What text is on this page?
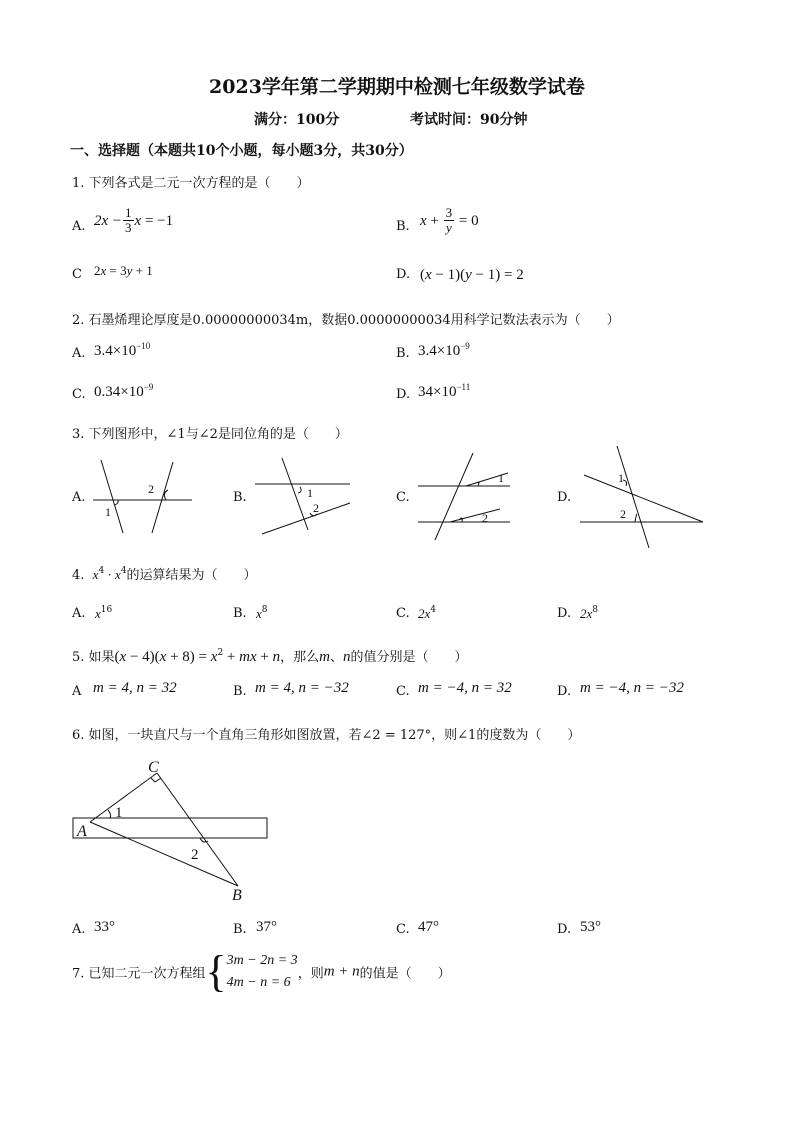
2023学年第二学期期中检测七年级数学试卷
满分：100分	考试时间：90分钟
一、选择题（本题共10个小题，每小题3分，共30分）
1. 下列各式是二元一次方程的是（　　）
A. $2x - \frac{1}{3}$ x = −1	B. $x + \frac{3}{y} = 0$
C 2x = 3y + 1	D. (x − 1)(y − 1) = 2
2. 石墨烯理论厚度是0.00000000034m，数据0.00000000034用科学记数法表示为（　　）
A. $3.4\times 10^{-10}$	B. $3.4\times 10^{-9}$
C. $0.34\times 10^{-9}$	D. $34\times 10^{-11}$
3. 下列图形中，∠1与∠2是同位角的是（　　）
A.	B.	C.	D.
1
2	1
2
1
2
1
2
4. $x^4 \cdot x^4$的运算结果为（　　）
A. $x^{16}$	B. $x^8$	C. $2x^4$	D. $2x^8$
5. 如果$(x - 4)(x + 8) = x^2$ + mx + n，那么m、n的值分别是（　　）
A m = 4, n = 32	B. m = 4, n = −32	C. m = −4, n = 32	D. m = −4, n = −32
6. 如图，一块直尺与一个直角三角形如图放置，若∠2 = 127°，则∠1的度数为（　　）
C
A
B
1
2
A. 33°	B. 37°	C. 47°	D. 53°
7. 已知二元一次方程组{ 3m − 2n = 3
4m − n = 6
，则m + n的值是（　　）
